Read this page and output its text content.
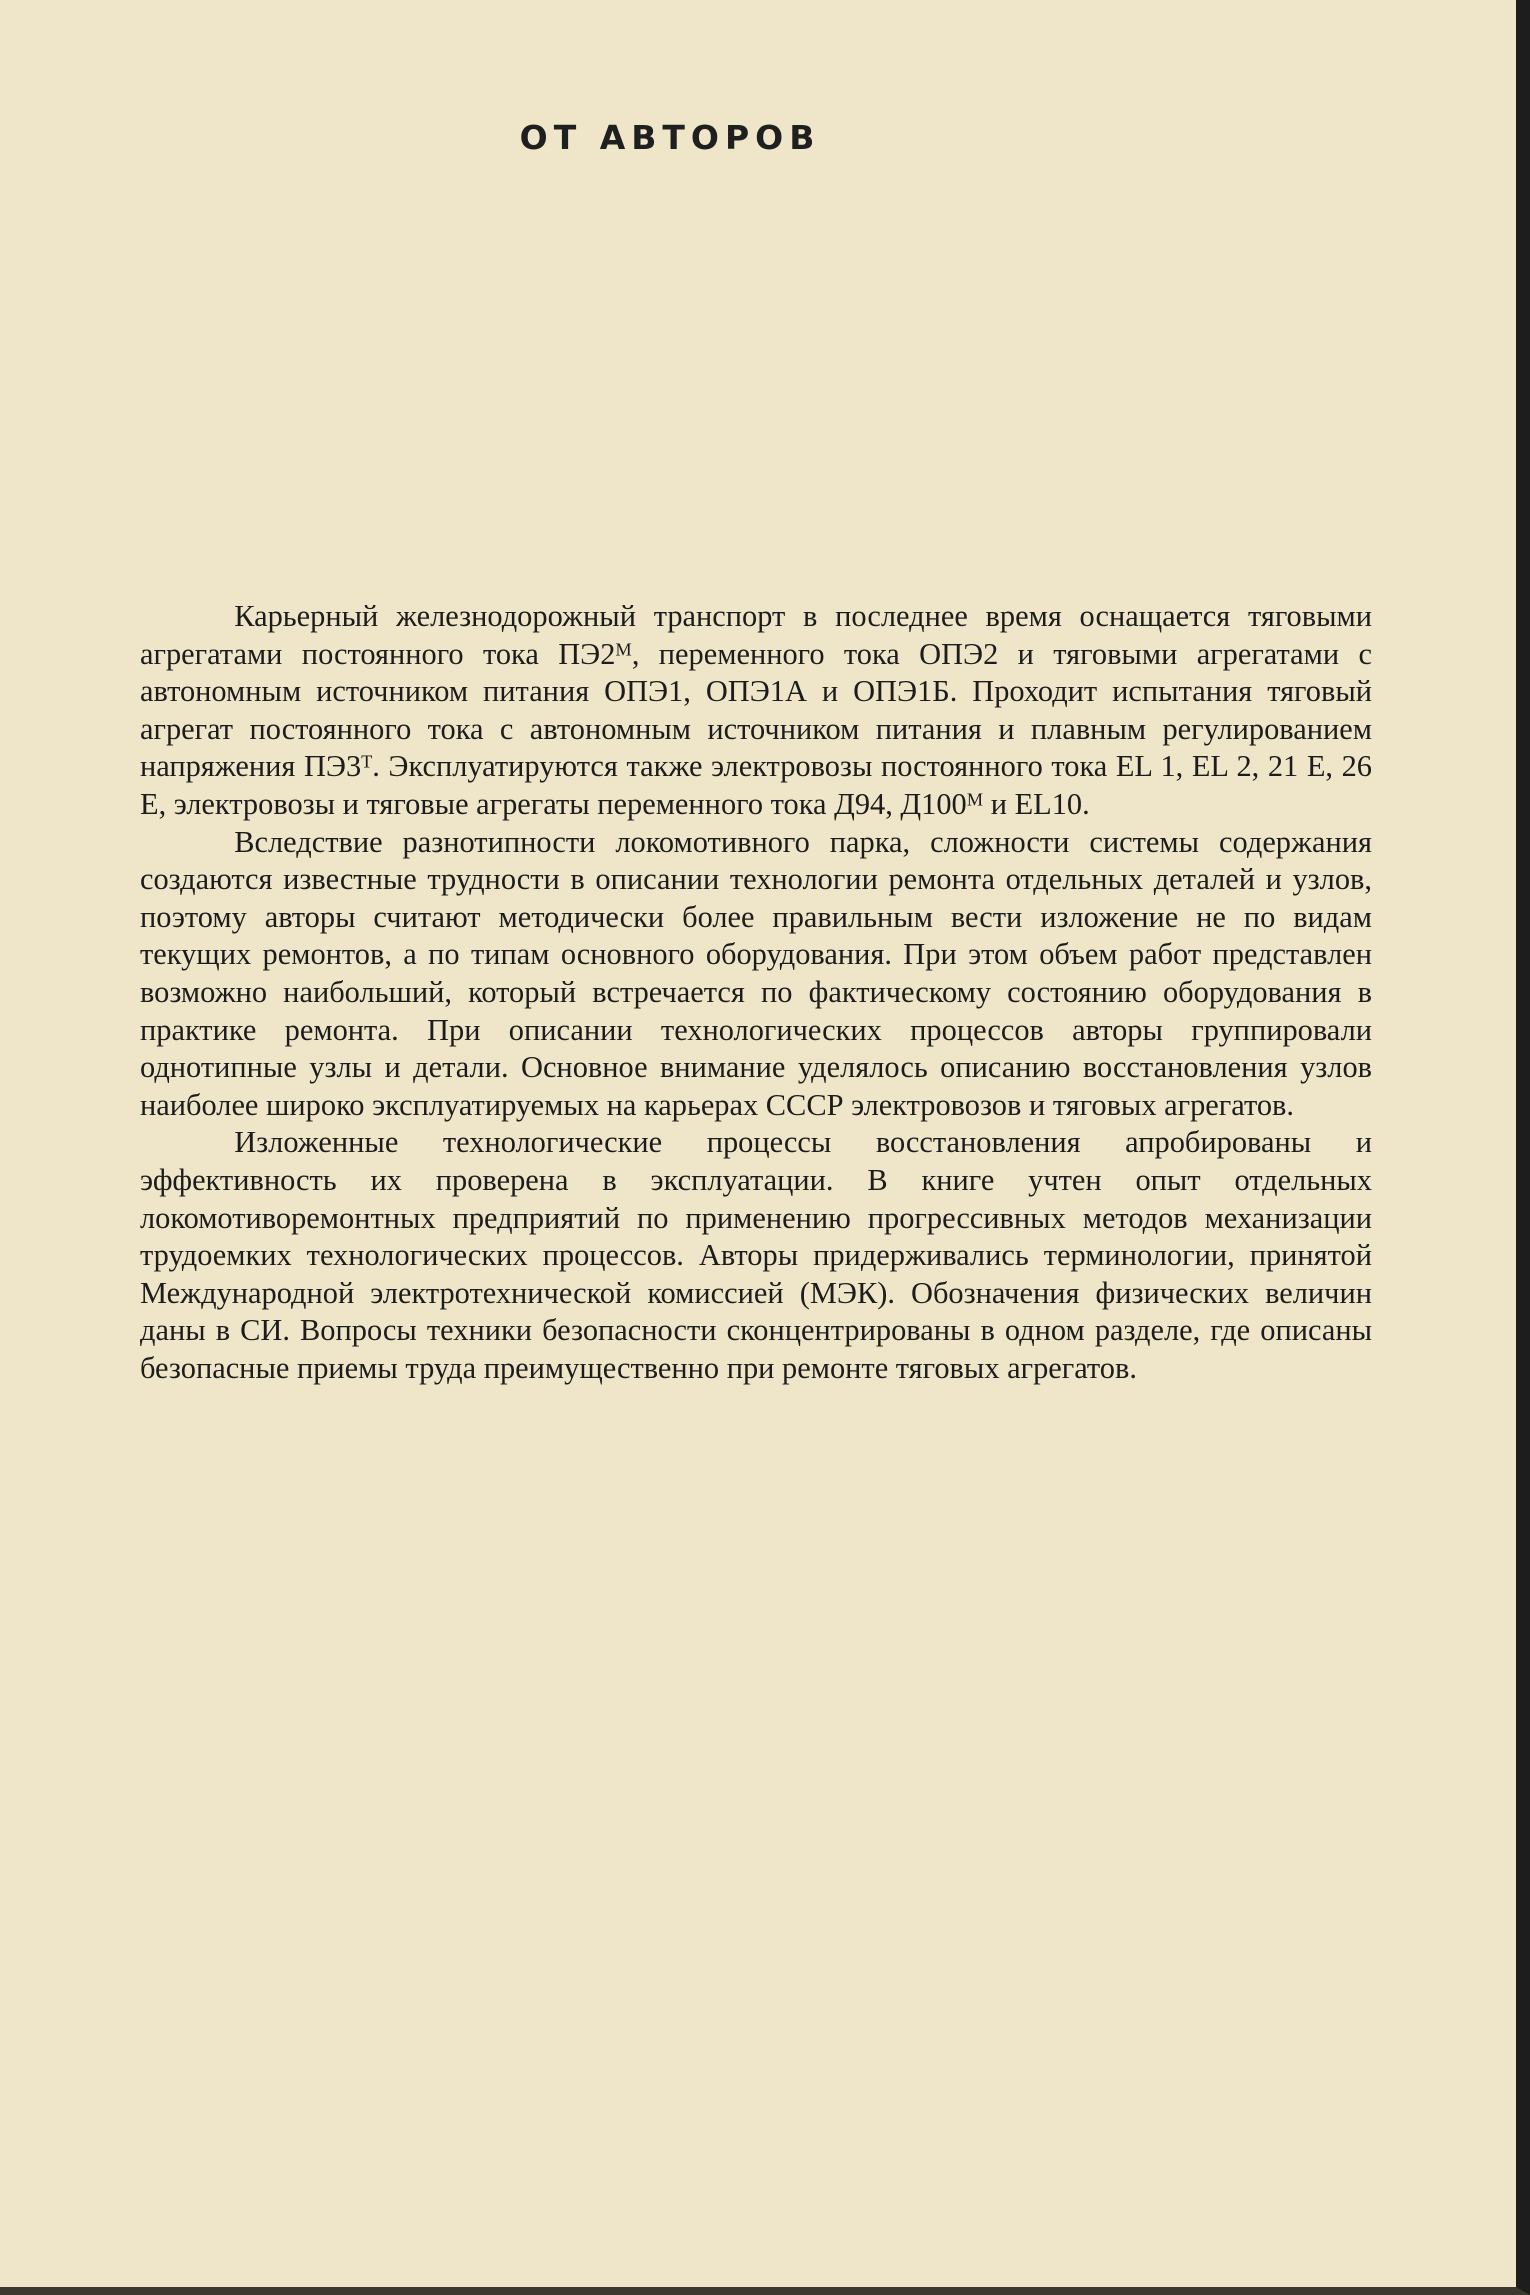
ОТ АВТОРОВ

Карьерный железнодорожный транспорт в последнее время оснащается тяговыми агрегатами постоянного тока ПЭ2ᴹ, переменного тока ОПЭ2 и тяговыми агрегатами с автономным источником питания ОПЭ1, ОПЭ1А и ОПЭ1Б. Проходит испытания тяговый агрегат постоянного тока с автономным источником питания и плавным регулированием напряжения ПЭ3ᵀ. Эксплуатируются также электровозы постоянного тока EL 1, EL 2, 21 E, 26 E, электровозы и тяговые агрегаты переменного тока Д94, Д100ᴹ и EL10.

Вследствие разнотипности локомотивного парка, сложности системы содержания создаются известные трудности в описании технологии ремонта отдельных деталей и узлов, поэтому авторы считают методически более правильным вести изложение не по видам текущих ремонтов, а по типам основного оборудования. При этом объем работ представлен возможно наибольший, который встречается по фактическому состоянию оборудования в практике ремонта. При описании технологических процессов авторы группировали однотипные узлы и детали. Основное внимание уделялось описанию восстановления узлов наиболее широко эксплуатируемых на карьерах СССР электровозов и тяговых агрегатов.

Изложенные технологические процессы восстановления апробированы и эффективность их проверена в эксплуатации. В книге учтен опыт отдельных локомотиворемонтных предприятий по применению прогрессивных методов механизации трудоемких технологических процессов. Авторы придерживались терминологии, принятой Международной электротехнической комиссией (МЭК). Обозначения физических величин даны в СИ. Вопросы техники безопасности сконцентрированы в одном разделе, где описаны безопасные приемы труда преимущественно при ремонте тяговых агрегатов.
